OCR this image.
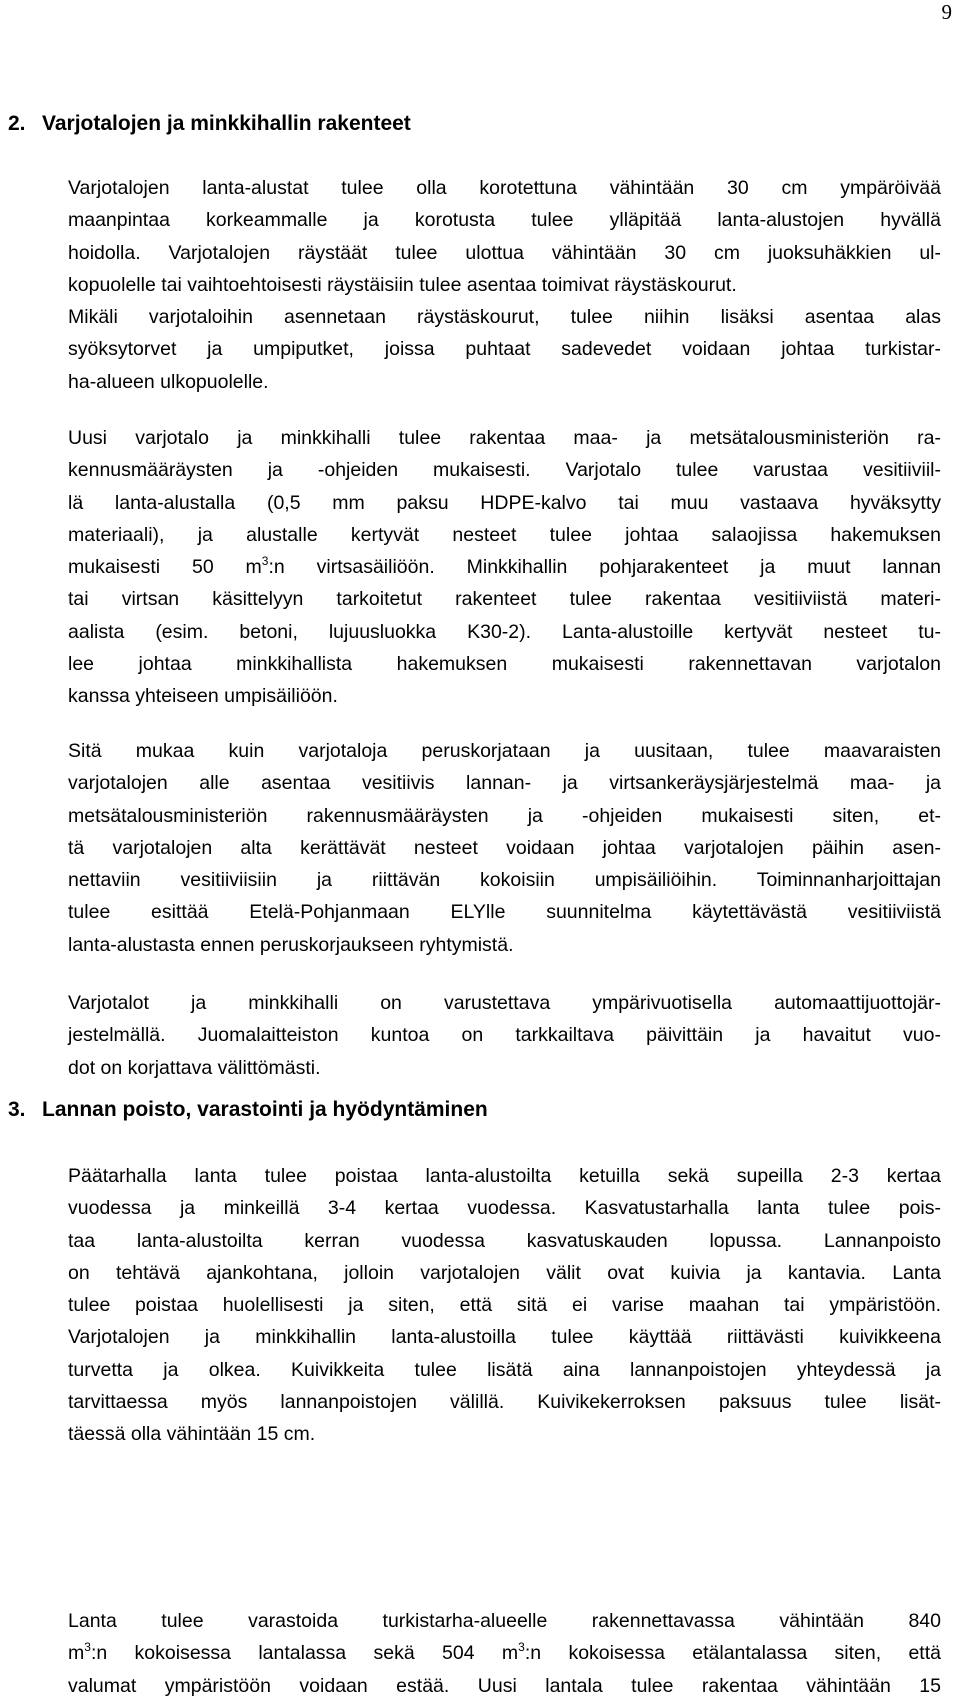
9
2. Varjotalojen ja minkkihallin rakenteet

Varjotalojen lanta-alustat tulee olla korotettuna vähintään 30 cm ympäröivää
maanpintaa korkeammalle ja korotusta tulee ylläpitää lanta-alustojen hyvällä
hoidolla. Varjotalojen räystäät tulee ulottua vähintään 30 cm juoksuhäkkien ul-
kopuolelle tai vaihtoehtoisesti räystäisiin tulee asentaa toimivat räystäskourut.
Mikäli varjotaloihin asennetaan räystäskourut, tulee niihin lisäksi asentaa alas
syöksytorvet ja umpiputket, joissa puhtaat sadevedet voidaan johtaa turkistar-
ha-alueen ulkopuolelle.

Uusi varjotalo ja minkkihalli tulee rakentaa maa- ja metsätalousministeriön ra-
kennusmääräysten ja -ohjeiden mukaisesti. Varjotalo tulee varustaa vesitiiviil-
lä lanta-alustalla (0,5 mm paksu HDPE-kalvo tai muu vastaava hyväksytty
materiaali), ja alustalle kertyvät nesteet tulee johtaa salaojissa hakemuksen
mukaisesti 50 $m^3:n$ virtsasäiliöön. Minkkihallin pohjarakenteet ja muut lannan
tai virtsan käsittelyyn tarkoitetut rakenteet tulee rakentaa vesitiiviistä materi-
aalista (esim. betoni, lujuusluokka K30-2). Lanta-alustoille kertyvät nesteet tu-
lee johtaa minkkihallista hakemuksen mukaisesti rakennettavan varjotalon
kanssa yhteiseen umpisäiliöön.

Sitä mukaa kuin varjotaloja peruskorjataan ja uusitaan, tulee maavaraisten
varjotalojen alle asentaa vesitiivis lannan- ja virtsankeräysjärjestelmä maa- ja
metsätalousministeriön rakennusmääräysten ja -ohjeiden mukaisesti siten, et-
tä varjotalojen alta kerättävät nesteet voidaan johtaa varjotalojen päihin asen-
nettaviin vesitiiviisiin ja riittävän kokoisiin umpisäiliöihin. Toiminnanharjoittajan
tulee esittää Etelä-Pohjanmaan ELYlle suunnitelma käytettävästä vesitiiviistä
lanta-alustasta ennen peruskorjaukseen ryhtymistä.

Varjotalot ja minkkihalli on varustettava ympärivuotisella automaattijuottojär-
jestelmällä. Juomalaitteiston kuntoa on tarkkailtava päivittäin ja havaitut vuo-
dot on korjattava välittömästi.

3. Lannan poisto, varastointi ja hyödyntäminen

Päätarhalla lanta tulee poistaa lanta-alustoilta ketuilla sekä supeilla 2-3 kertaa
vuodessa ja minkeillä 3-4 kertaa vuodessa. Kasvatustarhalla lanta tulee pois-
taa lanta-alustoilta kerran vuodessa kasvatuskauden lopussa. Lannanpoisto
on tehtävä ajankohtana, jolloin varjotalojen välit ovat kuivia ja kantavia. Lanta
tulee poistaa huolellisesti ja siten, että sitä ei varise maahan tai ympäristöön.
Varjotalojen ja minkkihallin lanta-alustoilla tulee käyttää riittävästi kuivikkeena
turvetta ja olkea. Kuivikkeita tulee lisätä aina lannanpoistojen yhteydessä ja
tarvittaessa myös lannanpoistojen välillä. Kuivikekerroksen paksuus tulee lisät-
täessä olla vähintään 15 cm.

Lanta tulee varastoida turkistarha-alueelle rakennettavassa vähintään 840
$m^3:n$ kokoisessa lantalassa sekä 504 $m^3:n$ kokoisessa etälantalassa siten, että
valumat ympäristöön voidaan estää. Uusi lantala tulee rakentaa vähintään 15
